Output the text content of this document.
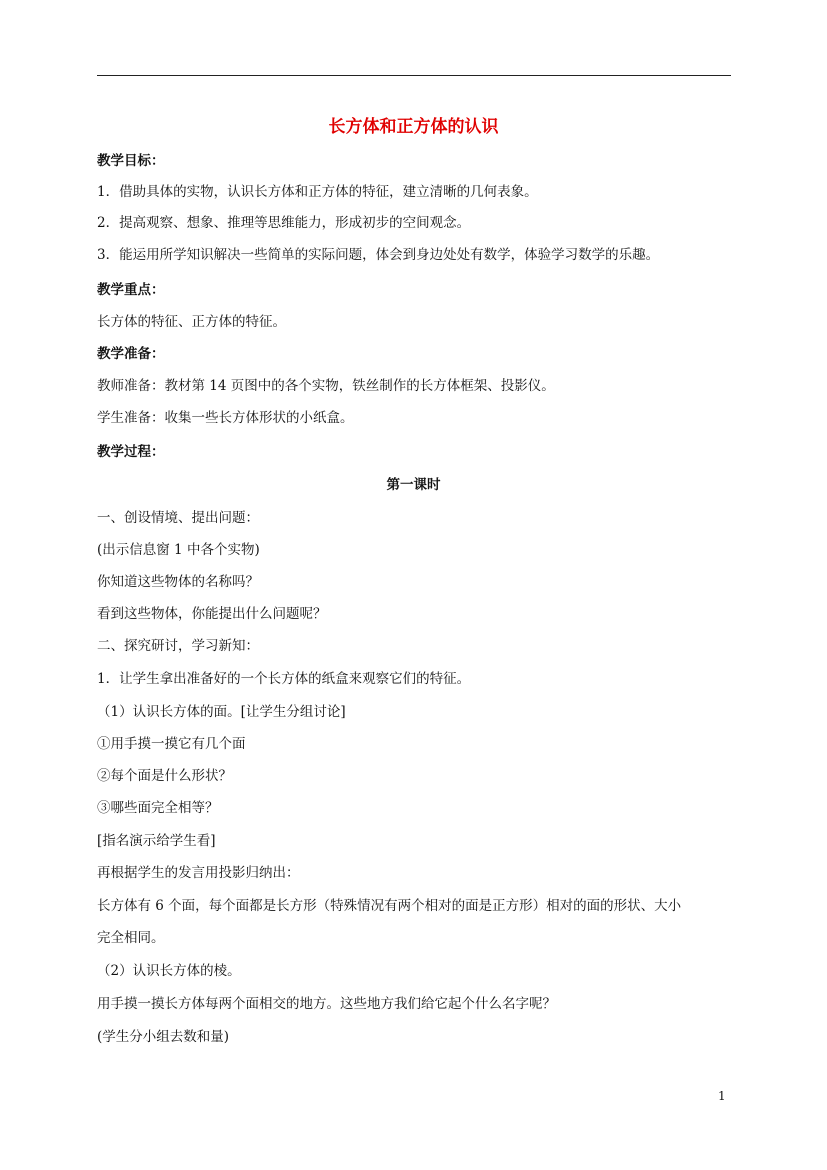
长方体和正方体的认识
教学目标：
1．借助具体的实物，认识长方体和正方体的特征，建立清晰的几何表象。
2．提高观察、想象、推理等思维能力，形成初步的空间观念。
3．能运用所学知识解决一些简单的实际问题，体会到身边处处有数学，体验学习数学的乐趣。
教学重点：
长方体的特征、正方体的特征。
教学准备：
教师准备：教材第 14 页图中的各个实物，铁丝制作的长方体框架、投影仪。
学生准备：收集一些长方体形状的小纸盒。
教学过程：
第一课时
一、创设情境、提出问题：
(出示信息窗 1 中各个实物)
你知道这些物体的名称吗？
看到这些物体，你能提出什么问题呢？
二、探究研讨，学习新知：
1．让学生拿出准备好的一个长方体的纸盒来观察它们的特征。
（1）认识长方体的面。[让学生分组讨论]
①用手摸一摸它有几个面
②每个面是什么形状？
③哪些面完全相等？
[指名演示给学生看]
再根据学生的发言用投影归纳出：
长方体有 6 个面，每个面都是长方形（特殊情况有两个相对的面是正方形）相对的面的形状、大小
完全相同。
（2）认识长方体的棱。
用手摸一摸长方体每两个面相交的地方。这些地方我们给它起个什么名字呢？
(学生分小组去数和量)
1
